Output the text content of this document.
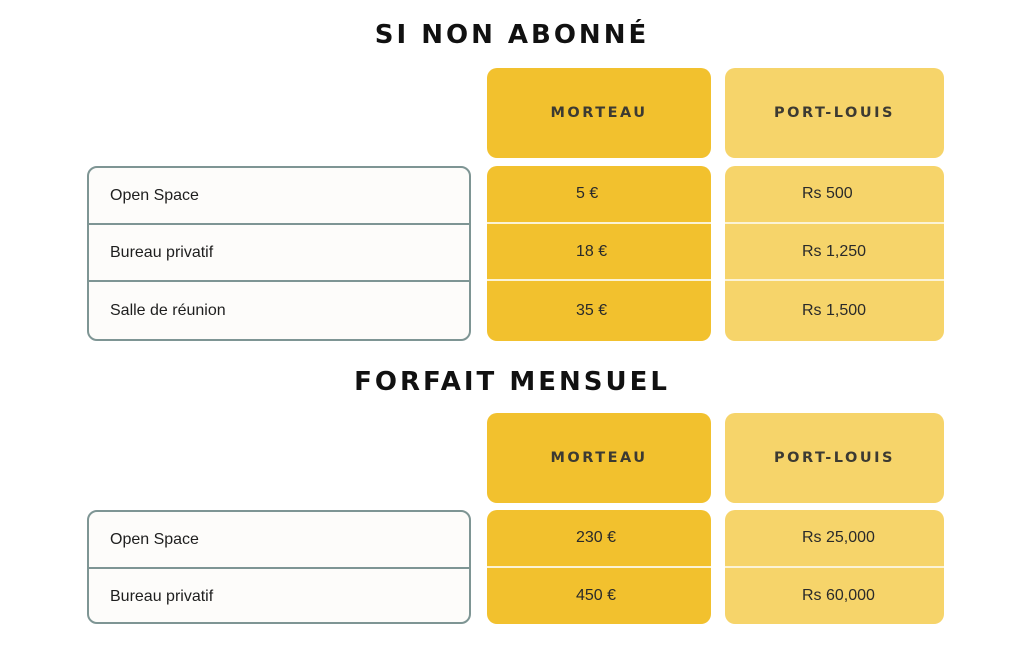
SI NON ABONNÉ
MORTEAU	PORT-LOUIS
Open Space
Bureau privatif
Salle de réunion
5 €
18 €
35 €
Rs 500
Rs 1,250
Rs 1,500
FORFAIT MENSUEL
MORTEAU	PORT-LOUIS
Open Space
Bureau privatif
230 €
450 €
Rs 25,000
Rs 60,000
